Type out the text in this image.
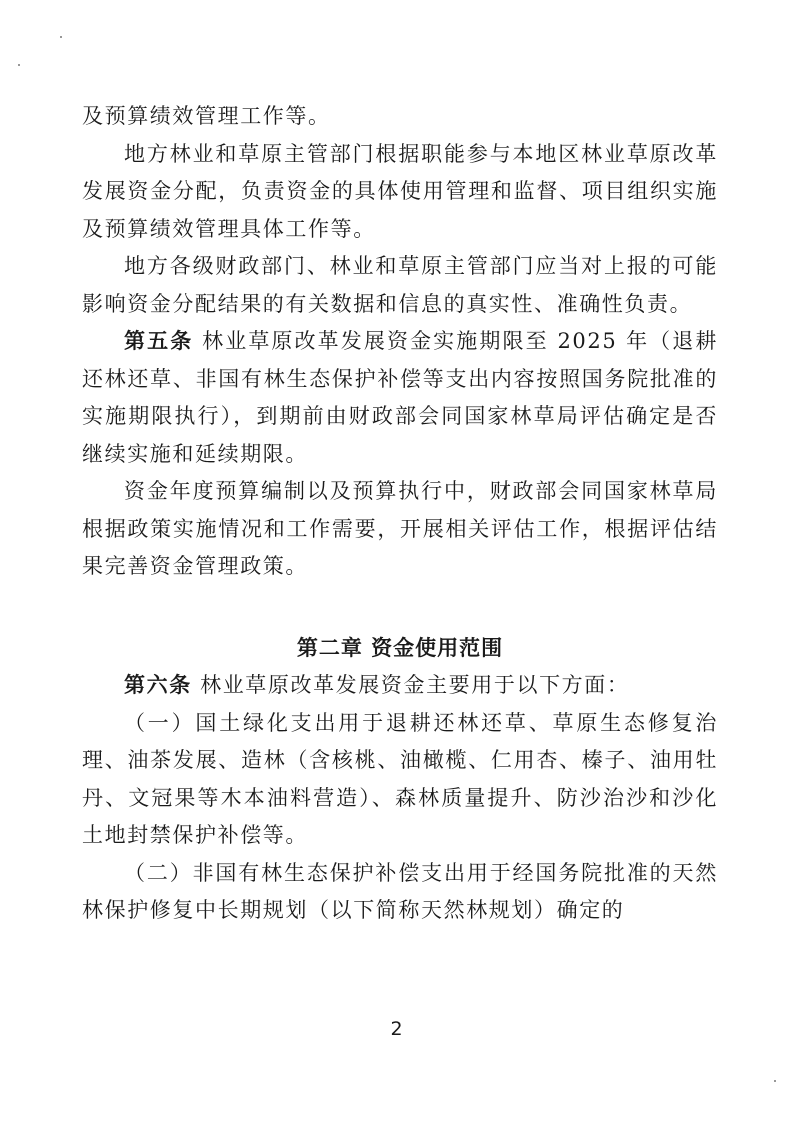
及预算绩效管理工作等。

地方林业和草原主管部门根据职能参与本地区林业草原改革发展资金分配，负责资金的具体使用管理和监督、项目组织实施及预算绩效管理具体工作等。

地方各级财政部门、林业和草原主管部门应当对上报的可能影响资金分配结果的有关数据和信息的真实性、准确性负责。

第五条 林业草原改革发展资金实施期限至 2025 年（退耕还林还草、非国有林生态保护补偿等支出内容按照国务院批准的实施期限执行），到期前由财政部会同国家林草局评估确定是否继续实施和延续期限。

资金年度预算编制以及预算执行中，财政部会同国家林草局根据政策实施情况和工作需要，开展相关评估工作，根据评估结果完善资金管理政策。

第二章 资金使用范围

第六条 林业草原改革发展资金主要用于以下方面：

（一）国土绿化支出用于退耕还林还草、草原生态修复治理、油茶发展、造林（含核桃、油橄榄、仁用杏、榛子、油用牡丹、文冠果等木本油料营造）、森林质量提升、防沙治沙和沙化土地封禁保护补偿等。

（二）非国有林生态保护补偿支出用于经国务院批准的天然林保护修复中长期规划（以下简称天然林规划）确定的

2
